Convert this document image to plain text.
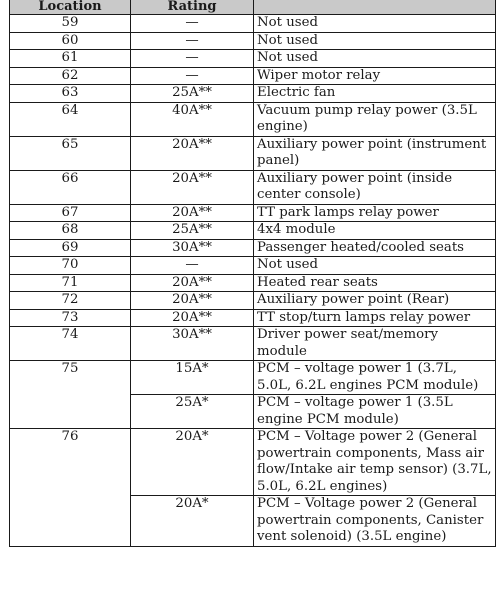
Location	Rating	
59	—	Not used
60	—	Not used
61	—	Not used
62	—	Wiper motor relay
63	25A**	Electric fan
64	40A**	Vacuum pump relay power (3.5L engine)
65	20A**	Auxiliary power point (instrument panel)
66	20A**	Auxiliary power point (inside center console)
67	20A**	TT park lamps relay power
68	25A**	4x4 module
69	30A**	Passenger heated/cooled seats
70	—	Not used
71	20A**	Heated rear seats
72	20A**	Auxiliary power point (Rear)
73	20A**	TT stop/turn lamps relay power
74	30A**	Driver power seat/memory module
75	15A*	PCM – voltage power 1 (3.7L, 5.0L, 6.2L engines PCM module)
	25A*	PCM – voltage power 1 (3.5L engine PCM module)
76	20A*	PCM – Voltage power 2 (General powertrain components, Mass air flow/Intake air temp sensor) (3.7L, 5.0L, 6.2L engines)
	20A*	PCM – Voltage power 2 (General powertrain components, Canister vent solenoid) (3.5L engine)
